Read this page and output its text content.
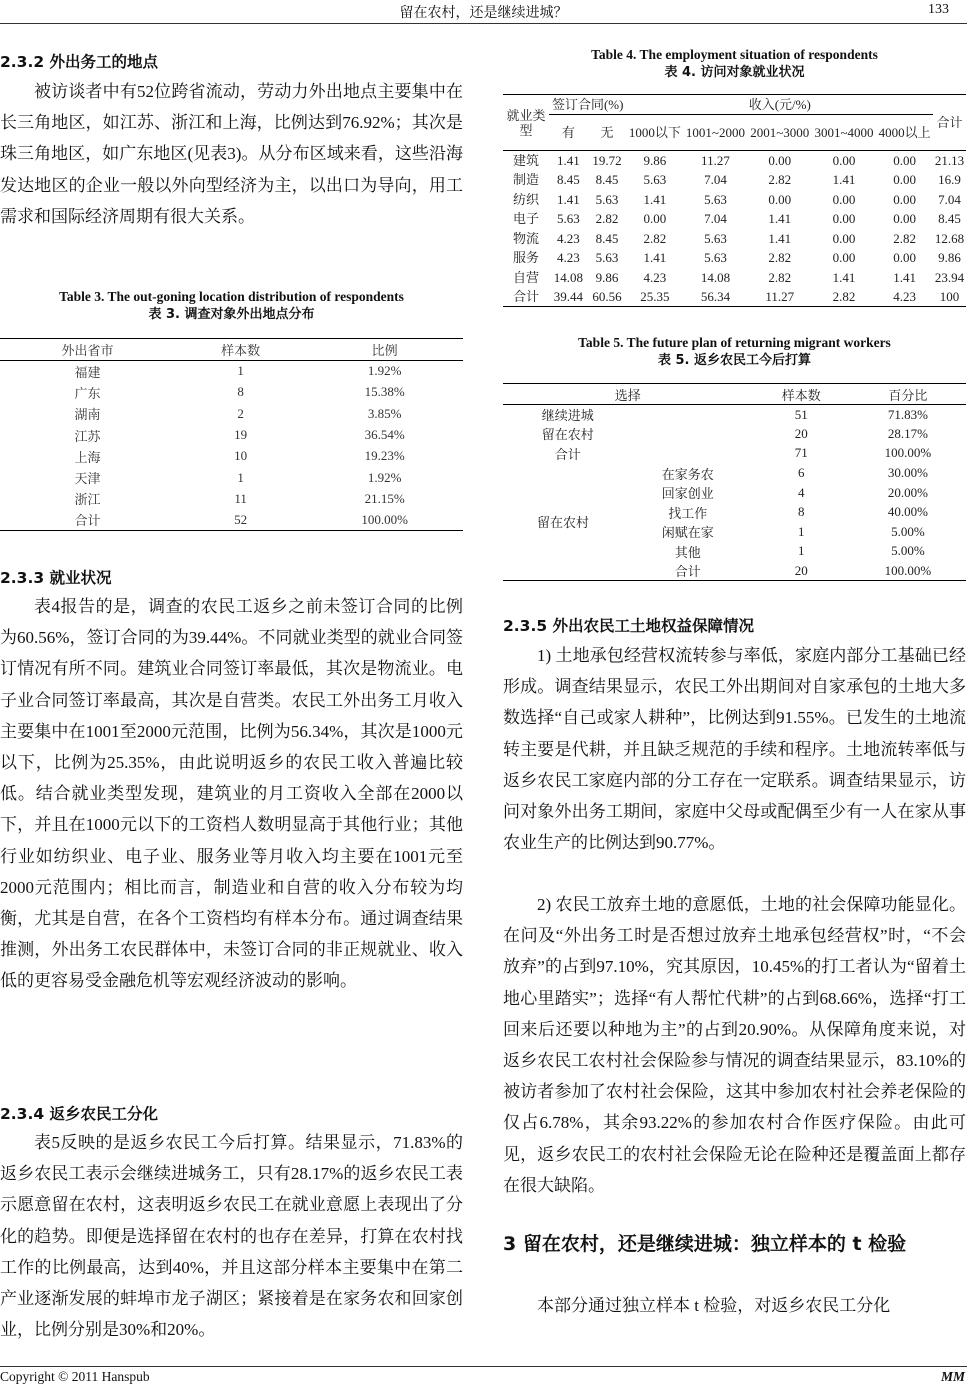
留在农村，还是继续进城？	133
2.3.2 外出务工的地点
被访谈者中有52位跨省流动，劳动力外出地点主要集中在长三角地区，如江苏、浙江和上海，比例达到76.92%；其次是珠三角地区，如广东地区(见表3)。从分布区域来看，这些沿海发达地区的企业一般以外向型经济为主，以出口为导向，用工需求和国际经济周期有很大关系。
Table 3. The out-goning location distribution of respondents
表 3. 调查对象外出地点分布
外出省市	样本数	比例
福建	1	1.92%
广东	8	15.38%
湖南	2	3.85%
江苏	19	36.54%
上海	10	19.23%
天津	1	1.92%
浙江	11	21.15%
合计	52	100.00%
2.3.3 就业状况
表4报告的是，调查的农民工返乡之前未签订合同的比例为60.56%，签订合同的为39.44%。不同就业类型的就业合同签订情况有所不同。建筑业合同签订率最低，其次是物流业。电子业合同签订率最高，其次是自营类。农民工外出务工月收入主要集中在1001至2000元范围，比例为56.34%，其次是1000元以下，比例为25.35%，由此说明返乡的农民工收入普遍比较低。结合就业类型发现，建筑业的月工资收入全部在2000以下，并且在1000元以下的工资档人数明显高于其他行业；其他行业如纺织业、电子业、服务业等月收入均主要在1001元至2000元范围内；相比而言，制造业和自营的收入分布较为均衡，尤其是自营，在各个工资档均有样本分布。通过调查结果推测，外出务工农民群体中，未签订合同的非正规就业、收入低的更容易受金融危机等宏观经济波动的影响。
2.3.4 返乡农民工分化
表5反映的是返乡农民工今后打算。结果显示，71.83%的返乡农民工表示会继续进城务工，只有28.17%的返乡农民工表示愿意留在农村，这表明返乡农民工在就业意愿上表现出了分化的趋势。即便是选择留在农村的也存在差异，打算在农村找工作的比例最高，达到40%，并且这部分样本主要集中在第二产业逐渐发展的蚌埠市龙子湖区；紧接着是在家务农和回家创业，比例分别是30%和20%。
Table 4. The employment situation of respondents
表 4. 访问对象就业状况
就业类型	签订合同(%)		收入(元/%)					合计
	有	无	1000以下	1001~2000	2001~3000	3001~4000	4000以上	
建筑	1.41	19.72	9.86	11.27	0.00	0.00	0.00	21.13
制造	8.45	8.45	5.63	7.04	2.82	1.41	0.00	16.9
纺织	1.41	5.63	1.41	5.63	0.00	0.00	0.00	7.04
电子	5.63	2.82	0.00	7.04	1.41	0.00	0.00	8.45
物流	4.23	8.45	2.82	5.63	1.41	0.00	2.82	12.68
服务	4.23	5.63	1.41	5.63	2.82	0.00	0.00	9.86
自营	14.08	9.86	4.23	14.08	2.82	1.41	1.41	23.94
合计	39.44	60.56	25.35	56.34	11.27	2.82	4.23	100
Table 5. The future plan of returning migrant workers
表 5. 返乡农民工今后打算
选择		样本数	百分比
继续进城		51	71.83%
留在农村		20	28.17%
合计		71	100.00%
留在农村	在家务农	6	30.00%
	回家创业	4	20.00%
	找工作	8	40.00%
	闲赋在家	1	5.00%
	其他	1	5.00%
	合计	20	100.00%
2.3.5 外出农民工土地权益保障情况
1) 土地承包经营权流转参与率低，家庭内部分工基础已经形成。调查结果显示，农民工外出期间对自家承包的土地大多数选择“自己或家人耕种”，比例达到91.55%。已发生的土地流转主要是代耕，并且缺乏规范的手续和程序。土地流转率低与返乡农民工家庭内部的分工存在一定联系。调查结果显示，访问对象外出务工期间，家庭中父母或配偶至少有一人在家从事农业生产的比例达到90.77%。
2) 农民工放弃土地的意愿低，土地的社会保障功能显化。在问及“外出务工时是否想过放弃土地承包经营权”时，“不会放弃”的占到97.10%，究其原因，10.45%的打工者认为“留着土地心里踏实”；选择“有人帮忙代耕”的占到68.66%，选择“打工回来后还要以种地为主”的占到20.90%。从保障角度来说，对返乡农民工农村社会保险参与情况的调查结果显示，83.10%的被访者参加了农村社会保险，这其中参加农村社会养老保险的仅占6.78%，其余93.22%的参加农村合作医疗保险。由此可见，返乡农民工的农村社会保险无论在险种还是覆盖面上都存在很大缺陷。
3 留在农村，还是继续进城：独立样本的 t 检验
本部分通过独立样本 t 检验，对返乡农民工分化
Copyright © 2011 Hanspub	MM
